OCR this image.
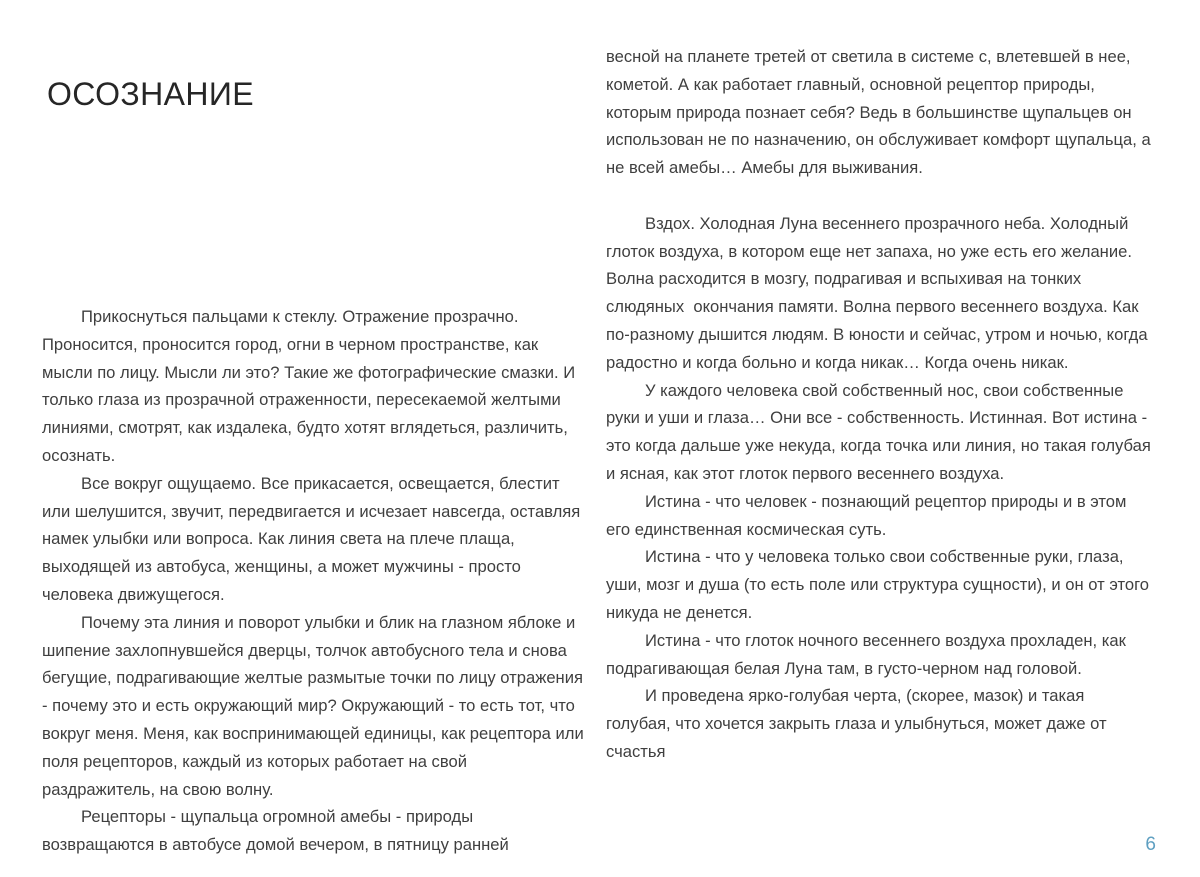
ОСОЗНАНИЕ

Прикоснуться пальцами к стеклу. Отражение прозрачно. Проносится, проносится город, огни в черном пространстве, как мысли по лицу. Мысли ли это? Такие же фотографические смазки. И только глаза из прозрачной отраженности, пересекаемой желтыми линиями, смотрят, как издалека, будто хотят вглядеться, различить, осознать.

Все вокруг ощущаемо. Все прикасается, освещается, блестит или шелушится, звучит, передвигается и исчезает навсегда, оставляя намек улыбки или вопроса. Как линия света на плече плаща, выходящей из автобуса, женщины, а может мужчины - просто человека движущегося.

Почему эта линия и поворот улыбки и блик на глазном яблоке и шипение захлопнувшейся дверцы, толчок автобусного тела и снова бегущие, подрагивающие желтые размытые точки по лицу отражения - почему это и есть окружающий мир? Окружающий - то есть тот, что вокруг меня. Меня, как воспринимающей единицы, как рецептора или поля рецепторов, каждый из которых работает на свой раздражитель, на свою волну.

Рецепторы - щупальца огромной амебы - природы возвращаются в автобусе домой вечером, в пятницу ранней

весной на планете третей от светила в системе с, влетевшей в нее, кометой. А как работает главный, основной рецептор природы, которым природа познает себя? Ведь в большинстве щупальцев он использован не по назначению, он обслуживает комфорт щупальца, а не всей амебы… Амебы для выживания.

Вздох. Холодная Луна весеннего прозрачного неба. Холодный глоток воздуха, в котором еще нет запаха, но уже есть его желание. Волна расходится в мозгу, подрагивая и вспыхивая на тонких слюдяных  окончания памяти. Волна первого весеннего воздуха. Как по-разному дышится людям. В юности и сейчас, утром и ночью, когда радостно и когда больно и когда никак… Когда очень никак.

У каждого человека свой собственный нос, свои собственные руки и уши и глаза… Они все - собственность. Истинная. Вот истина - это когда дальше уже некуда, когда точка или линия, но такая голубая и ясная, как этот глоток первого весеннего воздуха.

Истина - что человек - познающий рецептор природы и в этом его единственная космическая суть.

Истина - что у человека только свои собственные руки, глаза, уши, мозг и душа (то есть поле или структура сущности), и он от этого никуда не денется.

Истина - что глоток ночного весеннего воздуха прохладен, как подрагивающая белая Луна там, в густо-черном над головой.

И проведена ярко-голубая черта, (скорее, мазок) и такая голубая, что хочется закрыть глаза и улыбнуться, может даже от счастья

6
